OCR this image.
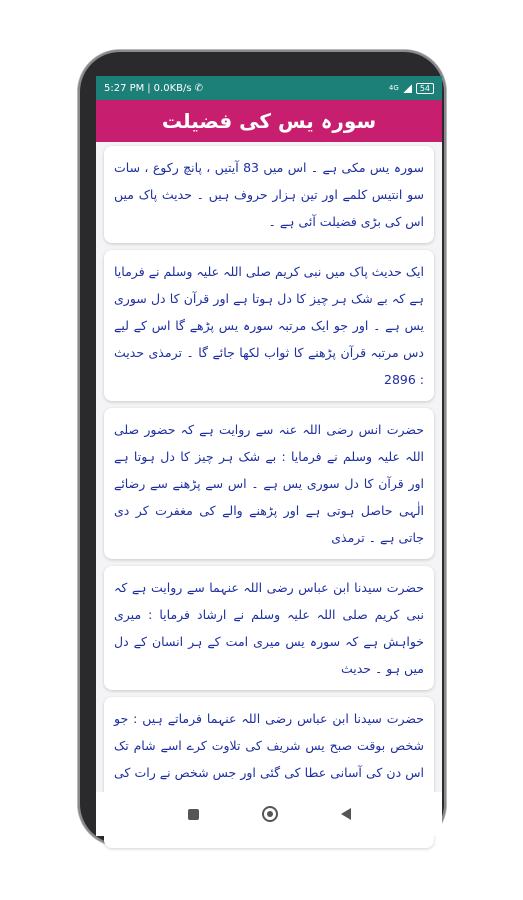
5:27 PM | 0.0KB/s ✆	4G	54
سورہ یس کی فضیلت
سورہ یس مکی ہے ۔ اس میں 83 آیتیں ، پانچ رکوع ، سات سو انتیس کلمے اور تین ہزار حروف ہیں ۔ حدیث پاک میں اس کی بڑی فضیلت آئی ہے ۔
ایک حدیث پاک میں نبی کریم صلی اللہ علیہ وسلم نے فرمایا ہے کہ بے شک ہر چیز کا دل ہوتا ہے اور قرآن کا دل سوری یس ہے ۔ اور جو ایک مرتبہ سورہ یس پڑھے گا اس کے لیے دس مرتبہ قرآن پڑھنے کا ثواب لکھا جائے گا ۔ ترمذی حدیث : 2896
حضرت انس رضی اللہ عنہ سے روایت ہے کہ حضور صلی اللہ علیہ وسلم نے فرمایا : بے شک ہر چیز کا دل ہوتا ہے اور قرآن کا دل سوری یس ہے ۔ اس سے پڑھنے سے رضائے الٰہی حاصل ہوتی ہے اور پڑھنے والے کی مغفرت کر دی جاتی ہے ۔ ترمذی
حضرت سیدنا ابن عباس رضی اللہ عنہما سے روایت ہے کہ نبی کریم صلی اللہ علیہ وسلم نے ارشاد فرمایا : میری خواہش ہے کہ سورہ یس میری امت کے ہر انسان کے دل میں ہو ۔ حدیث
حضرت سیدنا ابن عباس رضی اللہ عنہما فرماتے ہیں : جو شخص بوقت صبح یس شریف کی تلاوت کرے اسے شام تک اس دن کی آسانی عطا کی گئی اور جس شخص نے رات کی
